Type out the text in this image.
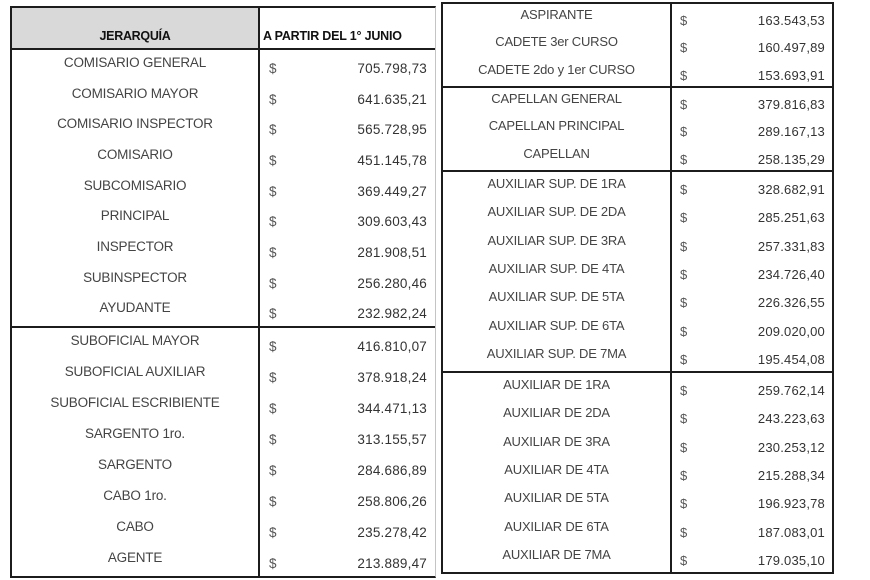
JERARQUÍA	A PARTIR DEL 1° JUNIO
COMISARIO GENERAL	$	705.798,73
COMISARIO MAYOR	$	641.635,21
COMISARIO INSPECTOR	$	565.728,95
COMISARIO	$	451.145,78
SUBCOMISARIO	$	369.449,27
PRINCIPAL	$	309.603,43
INSPECTOR	$	281.908,51
SUBINSPECTOR	$	256.280,46
AYUDANTE	$	232.982,24
SUBOFICIAL MAYOR	$	416.810,07
SUBOFICIAL AUXILIAR	$	378.918,24
SUBOFICIAL ESCRIBIENTE	$	344.471,13
SARGENTO 1ro.	$	313.155,57
SARGENTO	$	284.686,89
CABO 1ro.	$	258.806,26
CABO	$	235.278,42
AGENTE	$	213.889,47
ASPIRANTE	$	163.543,53
CADETE 3er CURSO	$	160.497,89
CADETE 2do y 1er CURSO	$	153.693,91
CAPELLAN GENERAL	$	379.816,83
CAPELLAN PRINCIPAL	$	289.167,13
CAPELLAN	$	258.135,29
AUXILIAR SUP. DE 1RA	$	328.682,91
AUXILIAR SUP. DE 2DA	$	285.251,63
AUXILIAR SUP. DE 3RA	$	257.331,83
AUXILIAR SUP. DE 4TA	$	234.726,40
AUXILIAR SUP. DE 5TA	$	226.326,55
AUXILIAR SUP. DE 6TA	$	209.020,00
AUXILIAR SUP. DE 7MA	$	195.454,08
AUXILIAR DE 1RA	$	259.762,14
AUXILIAR DE 2DA	$	243.223,63
AUXILIAR DE 3RA	$	230.253,12
AUXILIAR DE 4TA	$	215.288,34
AUXILIAR DE 5TA	$	196.923,78
AUXILIAR DE 6TA	$	187.083,01
AUXILIAR DE 7MA	$	179.035,10
